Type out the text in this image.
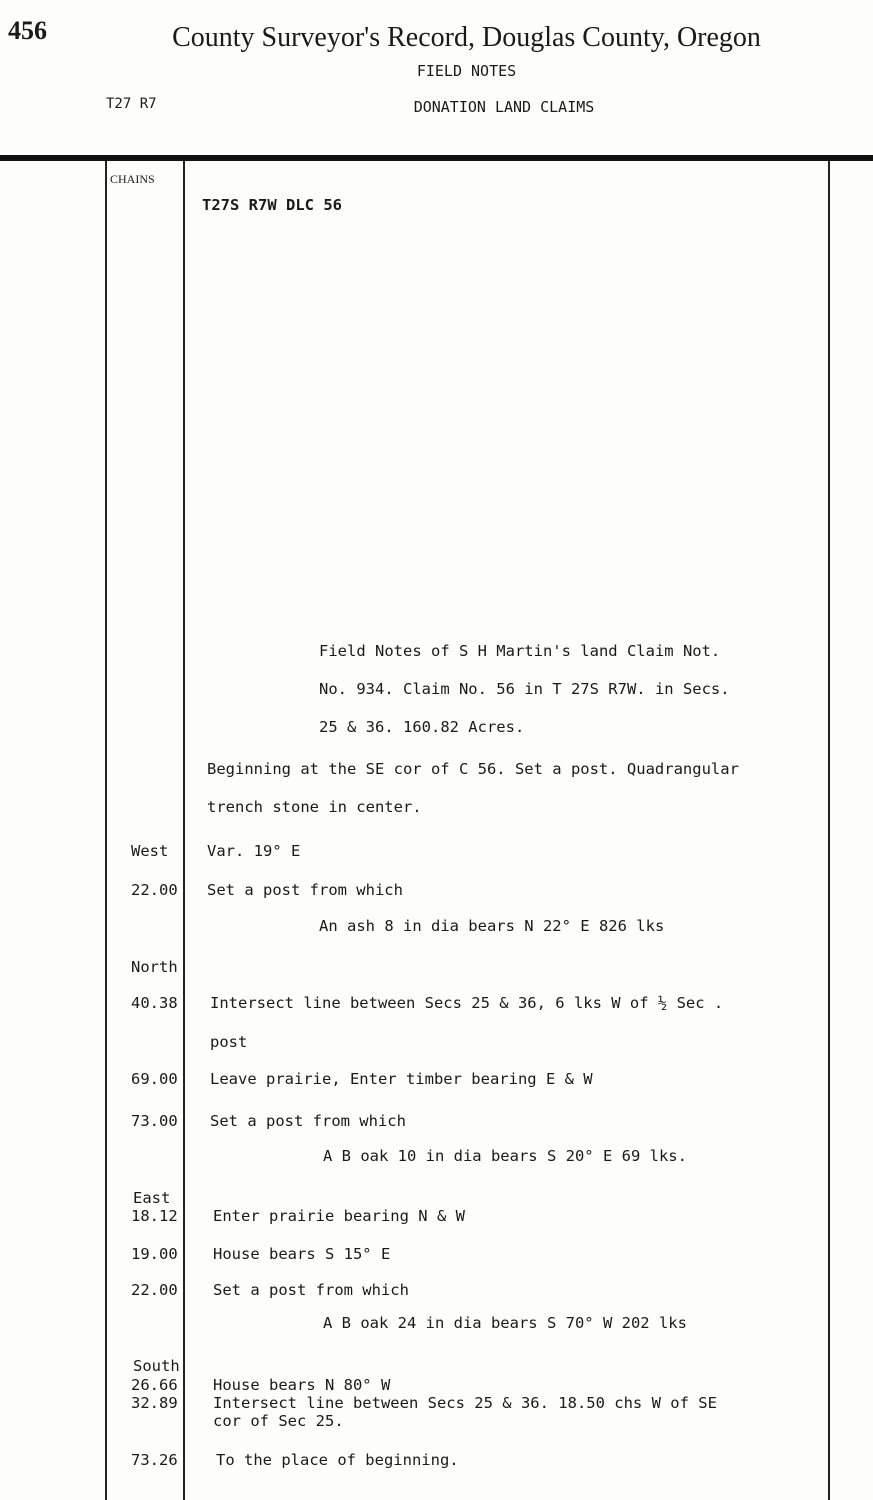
456	County Surveyor's Record, Douglas County, Oregon
FIELD NOTES
T27 R7	DONATION LAND CLAIMS
CHAINS
T27S R7W DLC 56
Field Notes of S H Martin's land Claim Not.
No. 934. Claim No. 56 in T 27S R7W. in Secs.
25 & 36. 160.82 Acres.
Beginning at the SE cor of C 56. Set a post. Quadrangular
trench stone in center.
West Var. 19° E
22.00 Set a post from which
An ash 8 in dia bears N 22° E 826 lks
North
40.38 Intersect line between Secs 25 & 36, 6 lks W of ½ Sec .
post
69.00 Leave prairie, Enter timber bearing E & W
73.00 Set a post from which
A B oak 10 in dia bears S 20° E 69 lks.
East
18.12 Enter prairie bearing N & W
19.00 House bears S 15° E
22.00 Set a post from which
A B oak 24 in dia bears S 70° W 202 lks
South
26.66 House bears N 80° W
32.89 Intersect line between Secs 25 & 36. 18.50 chs W of SE
cor of Sec 25.
73.26 To the place of beginning.
